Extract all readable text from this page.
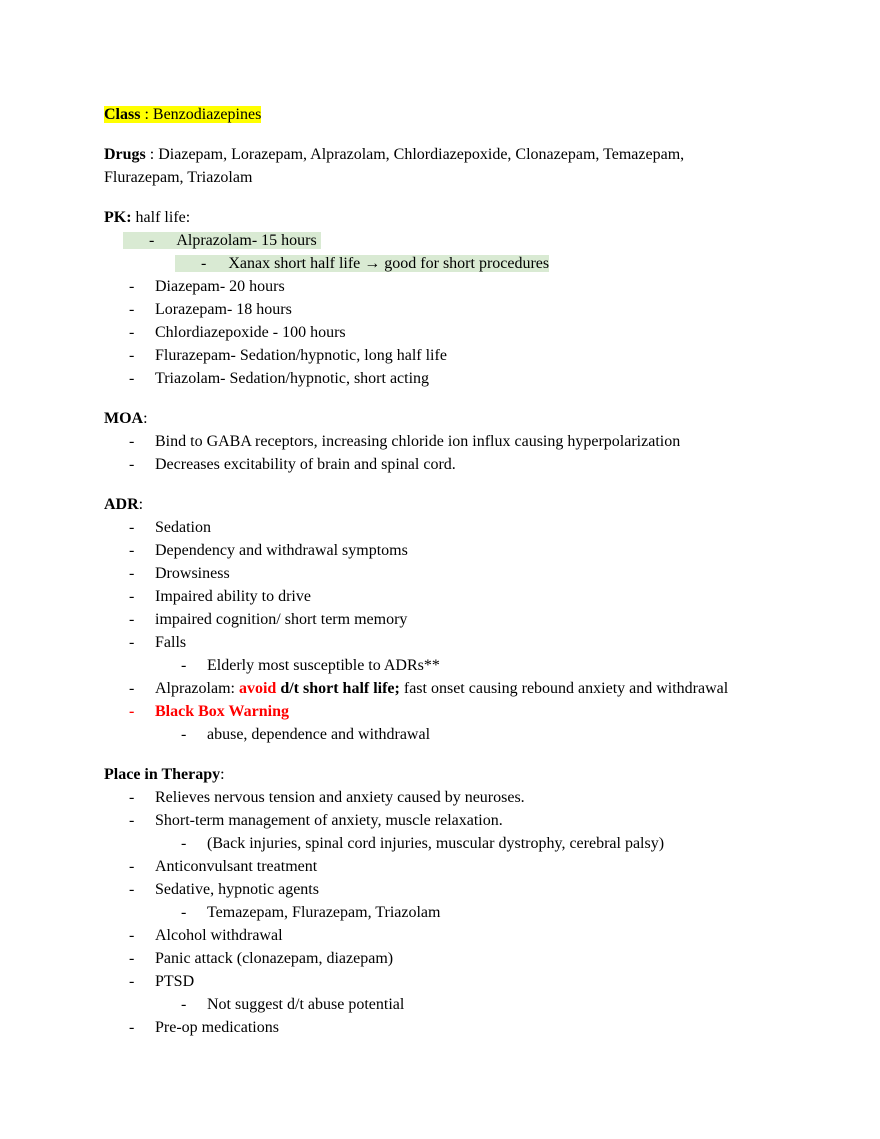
Class : Benzodiazepines
Drugs : Diazepam, Lorazepam, Alprazolam, Chlordiazepoxide, Clonazepam, Temazepam, Flurazepam, Triazolam
PK: half life:
- Alprazolam- 15 hours
- Xanax short half life → good for short procedures
- Diazepam- 20 hours
- Lorazepam- 18 hours
- Chlordiazepoxide - 100 hours
- Flurazepam- Sedation/hypnotic, long half life
- Triazolam- Sedation/hypnotic, short acting
MOA:
- Bind to GABA receptors, increasing chloride ion influx causing hyperpolarization
- Decreases excitability of brain and spinal cord.
ADR:
- Sedation
- Dependency and withdrawal symptoms
- Drowsiness
- Impaired ability to drive
- impaired cognition/ short term memory
- Falls
- Elderly most susceptible to ADRs**
- Alprazolam: avoid d/t short half life; fast onset causing rebound anxiety and withdrawal
- Black Box Warning
- abuse, dependence and withdrawal
Place in Therapy:
- Relieves nervous tension and anxiety caused by neuroses.
- Short-term management of anxiety, muscle relaxation.
- (Back injuries, spinal cord injuries, muscular dystrophy, cerebral palsy)
- Anticonvulsant treatment
- Sedative, hypnotic agents
- Temazepam, Flurazepam, Triazolam
- Alcohol withdrawal
- Panic attack (clonazepam, diazepam)
- PTSD
- Not suggest d/t abuse potential
- Pre-op medications
